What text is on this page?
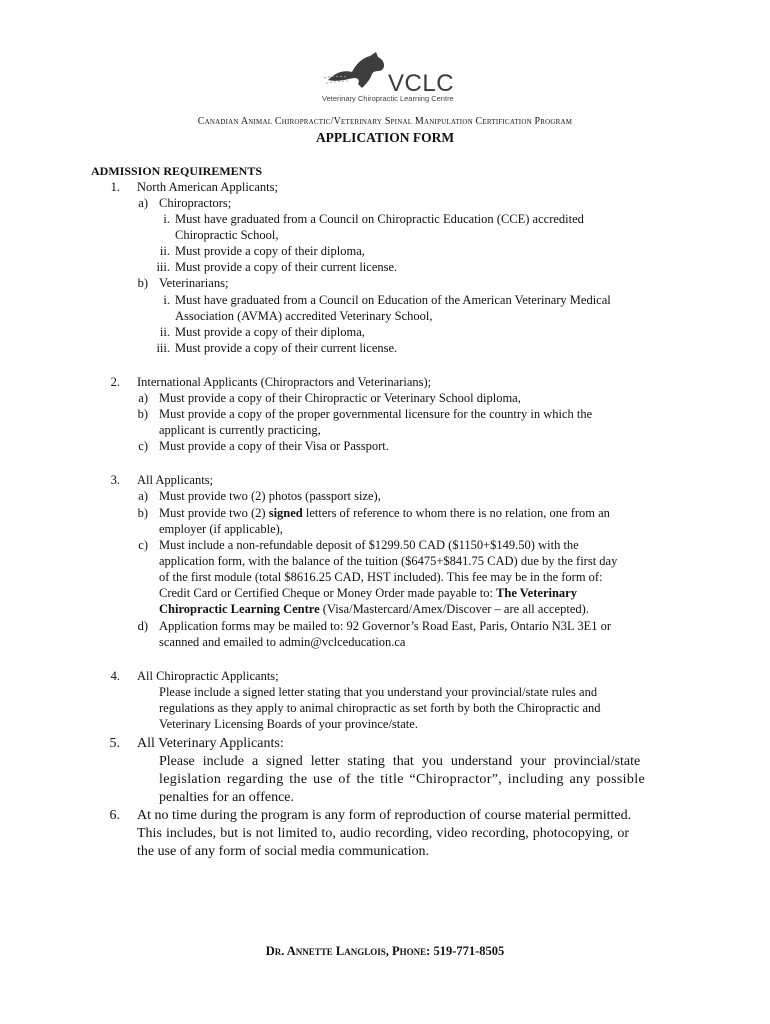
VCLC
Veterinary Chiropractic Learning Centre
Canadian Animal Chiropractic/Veterinary Spinal Manipulation Certification Program
APPLICATION FORM
ADMISSION REQUIREMENTS
1. North American Applicants;
a) Chiropractors;
i. Must have graduated from a Council on Chiropractic Education (CCE) accredited
Chiropractic School,
ii. Must provide a copy of their diploma,
iii. Must provide a copy of their current license.
b) Veterinarians;
i. Must have graduated from a Council on Education of the American Veterinary Medical
Association (AVMA) accredited Veterinary School,
ii. Must provide a copy of their diploma,
iii. Must provide a copy of their current license.
2. International Applicants (Chiropractors and Veterinarians);
a) Must provide a copy of their Chiropractic or Veterinary School diploma,
b) Must provide a copy of the proper governmental licensure for the country in which the
applicant is currently practicing,
c) Must provide a copy of their Visa or Passport.
3. All Applicants;
a) Must provide two (2) photos (passport size),
b) Must provide two (2) signed letters of reference to whom there is no relation, one from an
employer (if applicable),
c) Must include a non-refundable deposit of $1299.50 CAD ($1150+$149.50) with the
application form, with the balance of the tuition ($6475+$841.75 CAD) due by the first day
of the first module (total $8616.25 CAD, HST included). This fee may be in the form of:
Credit Card or Certified Cheque or Money Order made payable to: The Veterinary
Chiropractic Learning Centre (Visa/Mastercard/Amex/Discover – are all accepted).
d) Application forms may be mailed to: 92 Governor’s Road East, Paris, Ontario N3L 3E1 or
scanned and emailed to admin@vclceducation.ca
4. All Chiropractic Applicants;
Please include a signed letter stating that you understand your provincial/state rules and
regulations as they apply to animal chiropractic as set forth by both the Chiropractic and
Veterinary Licensing Boards of your province/state.
5. All Veterinary Applicants:
Please include a signed letter stating that you understand your provincial/state
legislation regarding the use of the title “Chiropractor”, including any possible
penalties for an offence.
6. At no time during the program is any form of reproduction of course material permitted.
This includes, but is not limited to, audio recording, video recording, photocopying, or
the use of any form of social media communication.
Dr. Annette Langlois, Phone: 519-771-8505
